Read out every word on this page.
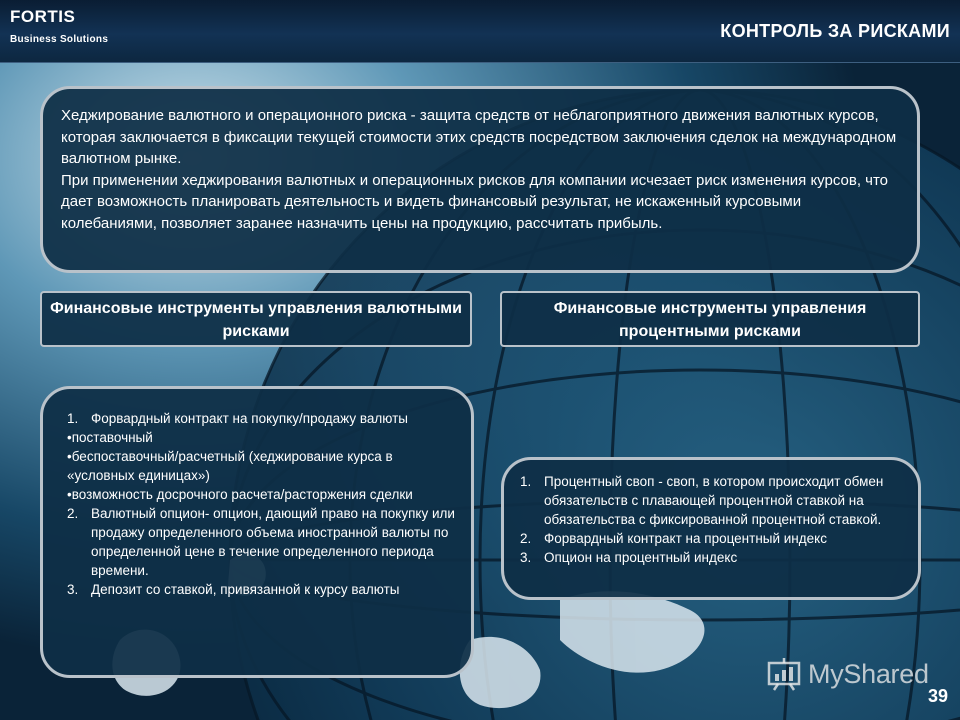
FORTIS
Business Solutions	КОНТРОЛЬ ЗА РИСКАМИ

Хеджирование валютного и операционного риска - защита средств от неблагоприятного движения валютных курсов, которая заключается в фиксации текущей стоимости этих средств посредством заключения сделок на международном валютном рынке.

При применении хеджирования валютных и операционных рисков для компании исчезает риск изменения курсов, что дает возможность планировать деятельность и видеть финансовый результат, не искаженный курсовыми колебаниями, позволяет заранее назначить цены на продукцию, рассчитать прибыль.

Финансовые инструменты управления валютными рисками
Финансовые инструменты управления процентными рисками
1. Форвардный контракт на покупку/продажу валюты
•поставочный
•беспоставочный/расчетный (хеджирование курса в «условных единицах»)
•возможность досрочного расчета/расторжения сделки
2. Валютный опцион- опцион, дающий право на покупку или продажу определенного объема иностранной валюты по определенной цене в течение определенного периода времени.
3. Депозит со ставкой, привязанной к курсу валюты
1. Процентный своп - своп, в котором происходит обмен обязательств с плавающей процентной ставкой на обязательства с фиксированной процентной ставкой.
2. Форвардный контракт на процентный индекс
3. Опцион на процентный индекс
MyShared
39
